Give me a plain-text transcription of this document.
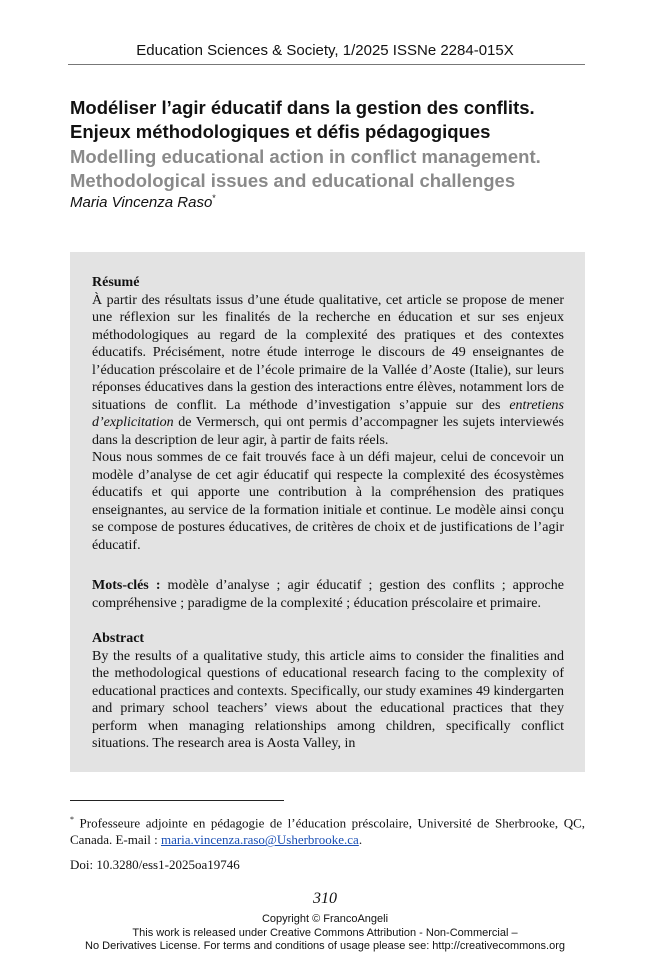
Education Sciences & Society, 1/2025 ISSNe 2284-015X
Modéliser l’agir éducatif dans la gestion des conflits. Enjeux méthodologiques et défis pédagogiques
Modelling educational action in conflict management. Methodological issues and educational challenges
Maria Vincenza Raso*
Résumé
À partir des résultats issus d’une étude qualitative, cet article se propose de mener une réflexion sur les finalités de la recherche en éducation et sur ses enjeux méthodologiques au regard de la complexité des pratiques et des contextes éducatifs. Précisément, notre étude interroge le discours de 49 enseignantes de l’éducation préscolaire et de l’école primaire de la Vallée d’Aoste (Italie), sur leurs réponses éducatives dans la gestion des interactions entre élèves, notamment lors de situations de conflit. La méthode d’investigation s’appuie sur des entretiens d’explicitation de Vermersch, qui ont permis d’accompagner les sujets interviewés dans la description de leur agir, à partir de faits réels.
Nous nous sommes de ce fait trouvés face à un défi majeur, celui de concevoir un modèle d’analyse de cet agir éducatif qui respecte la complexité des écosystèmes éducatifs et qui apporte une contribution à la compréhension des pratiques enseignantes, au service de la formation initiale et continue. Le modèle ainsi conçu se compose de postures éducatives, de critères de choix et de justifications de l’agir éducatif.
Mots-clés : modèle d’analyse ; agir éducatif ; gestion des conflits ; approche compréhensive ; paradigme de la complexité ; éducation préscolaire et primaire.
Abstract
By the results of a qualitative study, this article aims to consider the finalities and the methodological questions of educational research facing to the complexity of educational practices and contexts. Specifically, our study examines 49 kindergarten and primary school teachers’ views about the educational practices that they perform when managing relationships among children, specifically conflict situations. The research area is Aosta Valley, in
* Professeure adjointe en pédagogie de l’éducation préscolaire, Université de Sherbrooke, QC, Canada. E-mail : maria.vincenza.raso@Usherbrooke.ca.
Doi: 10.3280/ess1-2025oa19746
310
Copyright © FrancoAngeli
This work is released under Creative Commons Attribution - Non-Commercial –
No Derivatives License. For terms and conditions of usage please see: http://creativecommons.org
